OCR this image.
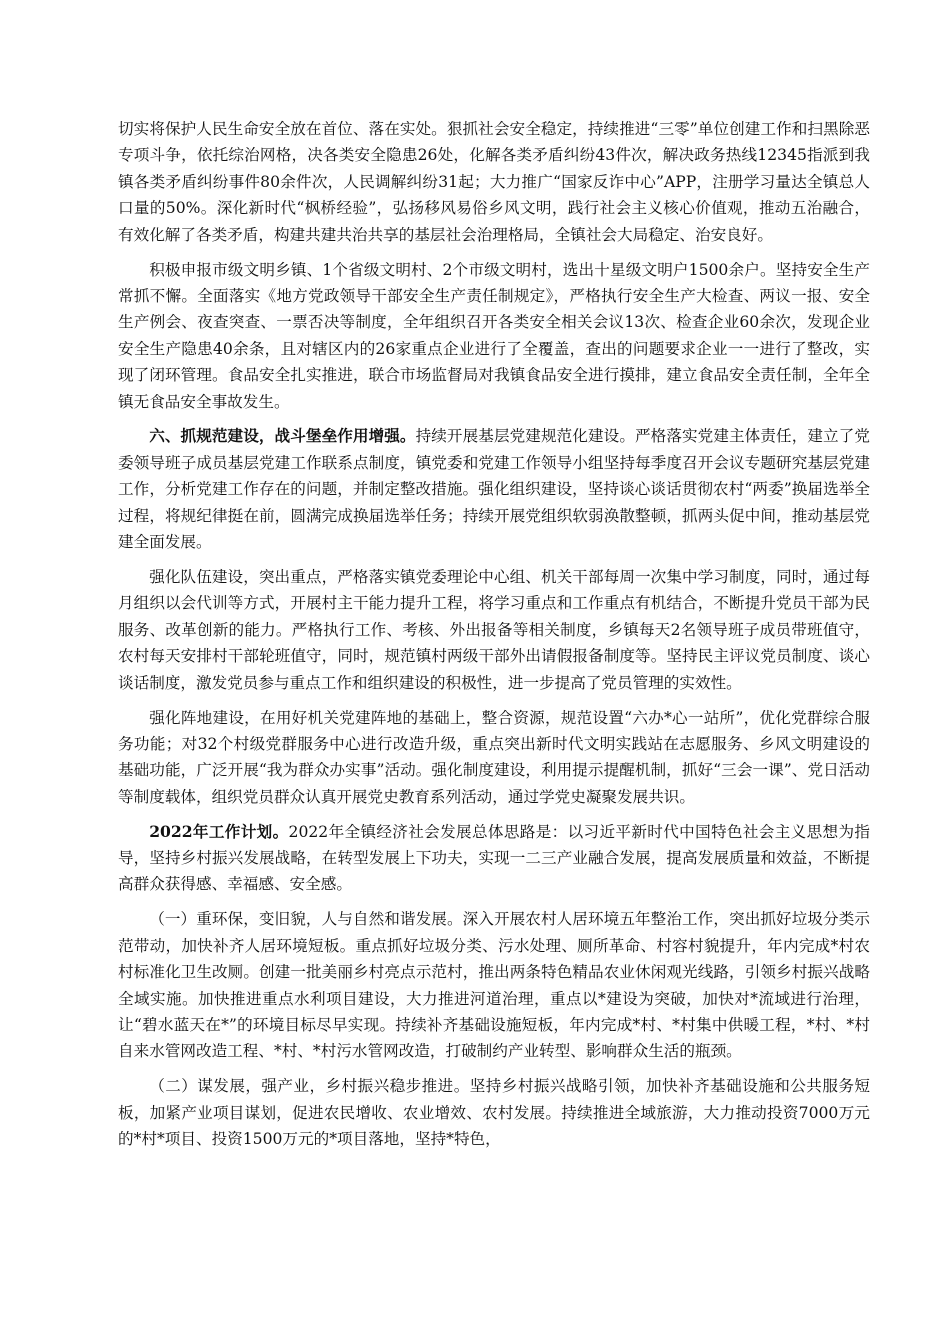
切实将保护人民生命安全放在首位、落在实处。狠抓社会安全稳定，持续推进“三零”单位创建工作和扫黑除恶专项斗争，依托综治网格，决各类安全隐患26处，化解各类矛盾纠纷43件次，解决政务热线12345指派到我镇各类矛盾纠纷事件80余件次，人民调解纠纷31起；大力推广“国家反诈中心”APP，注册学习量达全镇总人口量的50%。深化新时代“枫桥经验”，弘扬移风易俗乡风文明，践行社会主义核心价值观，推动五治融合，有效化解了各类矛盾，构建共建共治共享的基层社会治理格局，全镇社会大局稳定、治安良好。

积极申报市级文明乡镇、1个省级文明村、2个市级文明村，选出十星级文明户1500余户。坚持安全生产常抓不懈。全面落实《地方党政领导干部安全生产责任制规定》，严格执行安全生产大检查、两议一报、安全生产例会、夜查突查、一票否决等制度，全年组织召开各类安全相关会议13次、检查企业60余次，发现企业安全生产隐患40余条，且对辖区内的26家重点企业进行了全覆盖，查出的问题要求企业一一进行了整改，实现了闭环管理。食品安全扎实推进，联合市场监督局对我镇食品安全进行摸排，建立食品安全责任制，全年全镇无食品安全事故发生。

六、抓规范建设，战斗堡垒作用增强。持续开展基层党建规范化建设。严格落实党建主体责任，建立了党委领导班子成员基层党建工作联系点制度，镇党委和党建工作领导小组坚持每季度召开会议专题研究基层党建工作，分析党建工作存在的问题，并制定整改措施。强化组织建设，坚持谈心谈话贯彻农村“两委”换届选举全过程，将规纪律挺在前，圆满完成换届选举任务；持续开展党组织软弱涣散整顿，抓两头促中间，推动基层党建全面发展。

强化队伍建设，突出重点，严格落实镇党委理论中心组、机关干部每周一次集中学习制度，同时，通过每月组织以会代训等方式，开展村主干能力提升工程，将学习重点和工作重点有机结合，不断提升党员干部为民服务、改革创新的能力。严格执行工作、考核、外出报备等相关制度，乡镇每天2名领导班子成员带班值守，农村每天安排村干部轮班值守，同时，规范镇村两级干部外出请假报备制度等。坚持民主评议党员制度、谈心谈话制度，激发党员参与重点工作和组织建设的积极性，进一步提高了党员管理的实效性。

强化阵地建设，在用好机关党建阵地的基础上，整合资源，规范设置“六办*心一站所”，优化党群综合服务功能；对32个村级党群服务中心进行改造升级，重点突出新时代文明实践站在志愿服务、乡风文明建设的基础功能，广泛开展“我为群众办实事”活动。强化制度建设，利用提示提醒机制，抓好“三会一课”、党日活动等制度载体，组织党员群众认真开展党史教育系列活动，通过学党史凝聚发展共识。

2022年工作计划。2022年全镇经济社会发展总体思路是：以习近平新时代中国特色社会主义思想为指导，坚持乡村振兴发展战略，在转型发展上下功夫，实现一二三产业融合发展，提高发展质量和效益，不断提高群众获得感、幸福感、安全感。

（一）重环保，变旧貌，人与自然和谐发展。深入开展农村人居环境五年整治工作，突出抓好垃圾分类示范带动，加快补齐人居环境短板。重点抓好垃圾分类、污水处理、厕所革命、村容村貌提升，年内完成*村农村标准化卫生改厕。创建一批美丽乡村亮点示范村，推出两条特色精品农业休闲观光线路，引领乡村振兴战略全域实施。加快推进重点水利项目建设，大力推进河道治理，重点以*建设为突破，加快对*流域进行治理，让“碧水蓝天在*”的环境目标尽早实现。持续补齐基础设施短板，年内完成*村、*村集中供暖工程，*村、*村自来水管网改造工程、*村、*村污水管网改造，打破制约产业转型、影响群众生活的瓶颈。

（二）谋发展，强产业，乡村振兴稳步推进。坚持乡村振兴战略引领，加快补齐基础设施和公共服务短板，加紧产业项目谋划，促进农民增收、农业增效、农村发展。持续推进全域旅游，大力推动投资7000万元的*村*项目、投资1500万元的*项目落地，坚持*特色，
